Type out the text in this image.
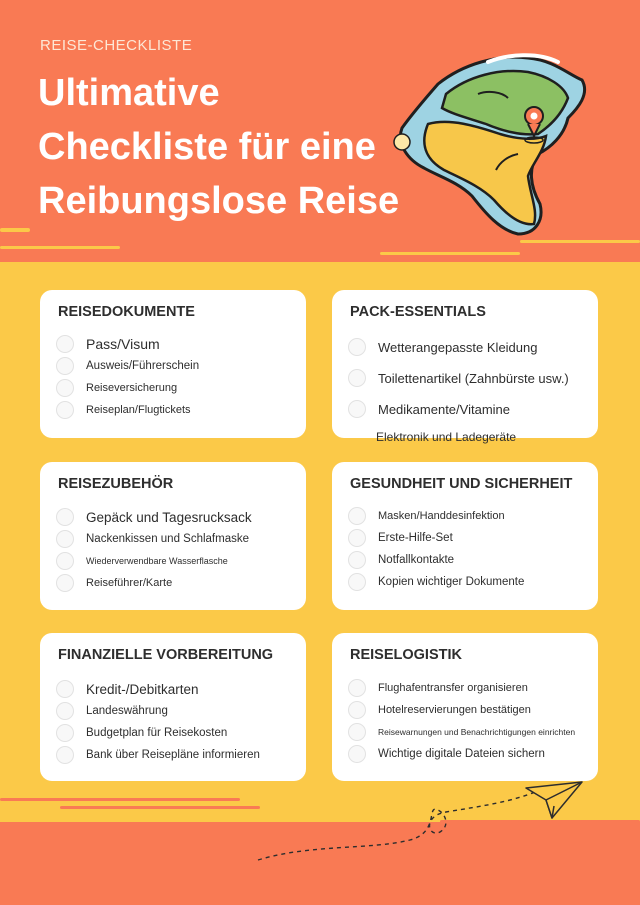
REISE-CHECKLISTE
Ultimative
Checkliste für eine
Reibungslose Reise
REISEDOKUMENTE
Pass/Visum
Ausweis/Führerschein
Reiseversicherung
Reiseplan/Flugtickets
PACK-ESSENTIALS
Wetterangepasste Kleidung
Toilettenartikel (Zahnbürste usw.)
Medikamente/Vitamine
Elektronik und Ladegeräte
REISEZUBEHÖR
Gepäck und Tagesrucksack
Nackenkissen und Schlafmaske
Wiederverwendbare Wasserflasche
Reiseführer/Karte
GESUNDHEIT UND SICHERHEIT
Masken/Handdesinfektion
Erste-Hilfe-Set
Notfallkontakte
Kopien wichtiger Dokumente
FINANZIELLE VORBEREITUNG
Kredit-/Debitkarten
Landeswährung
Budgetplan für Reisekosten
Bank über Reisepläne informieren
REISELOGISTIK
Flughafentransfer organisieren
Hotelreservierungen bestätigen
Reisewarnungen und Benachrichtigungen einrichten
Wichtige digitale Dateien sichern
